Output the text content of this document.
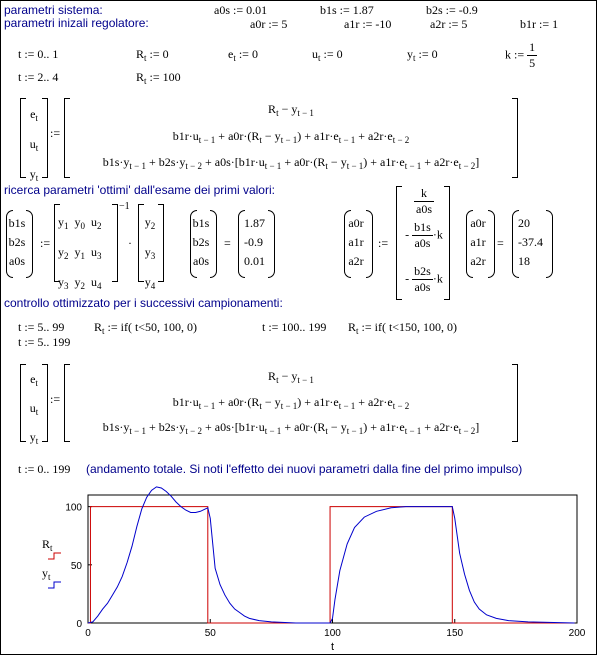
parametri sistema:	a0s := 0.01	b1s := 1.87	b2s := -0.9
parametri inizali regolatore:	a0r := 5	a1r := -10	a2r := 5	b1r := 1
t := 0.. 1	$R_t$ := 0	$e_t$ := 0	$u_t$ := 0	$y_t$ := 0	k := $\frac{1}{5}$
t := 2.. 4	$R_t$ := 100
$e_t$
$u_t$
$y_t$
:=
$R_t - y_{t - 1}$
$b1r\cdot u_{t - 1} + a0r\cdot(R_t - y_{t - 1}) + a1r\cdot e_{t - 1} + a2r\cdot e_{t - 2}$
$b1s\cdot y_{t - 1} + b2s\cdot y_{t - 2} + a0s\cdot[b1r\cdot u_{t - 1} + a0r\cdot(R_t - y_{t - 1}) + a1r\cdot e_{t - 1} + a2r\cdot e_{t - 2}]$
ricerca parametri 'ottimi' dall'esame dei primi valori:
b1s
b2s
a0s
:=
$y_1$  $y_0$  $u_2$
$y_2$  $y_1$  $u_3$
$y_3$  $y_2$  $u_4$
−1
·
$y_2$
$y_3$
$y_4$
b1s
b2s
a0s
=
1.87
-0.9
0.01
a0r
a1r
a2r
:=
$\frac{k}{a0s}$
- $\frac{b1s}{a0s} \cdot k$
- $\frac{b2s}{a0s} \cdot k$
a0r
a1r
a2r
=
20
-37.4
18
controllo ottimizzato per i successivi campionamenti:
t := 5.. 99 $R_t$ := if( t<50, 100, 0)	t := 100.. 199 $R_t$ := if( t<150, 100, 0)
t := 5.. 199
$e_t$
$u_t$
$y_t$
:=
$R_t - y_{t - 1}$
$b1r\cdot u_{t - 1} + a0r\cdot(R_t - y_{t - 1}) + a1r\cdot e_{t - 1} + a2r\cdot e_{t - 2}$
$b1s\cdot y_{t - 1} + b2s\cdot y_{t - 2} + a0s\cdot[b1r\cdot u_{t - 1} + a0r\cdot(R_t - y_{t - 1}) + a1r\cdot e_{t - 1} + a2r\cdot e_{t - 2}]$
t := 0.. 199 (andamento totale. Si noti l'effetto dei nuovi parametri dalla fine del primo impulso)
0	50	100	150	200
0
50
100
t
$R_t$
$y_t$
